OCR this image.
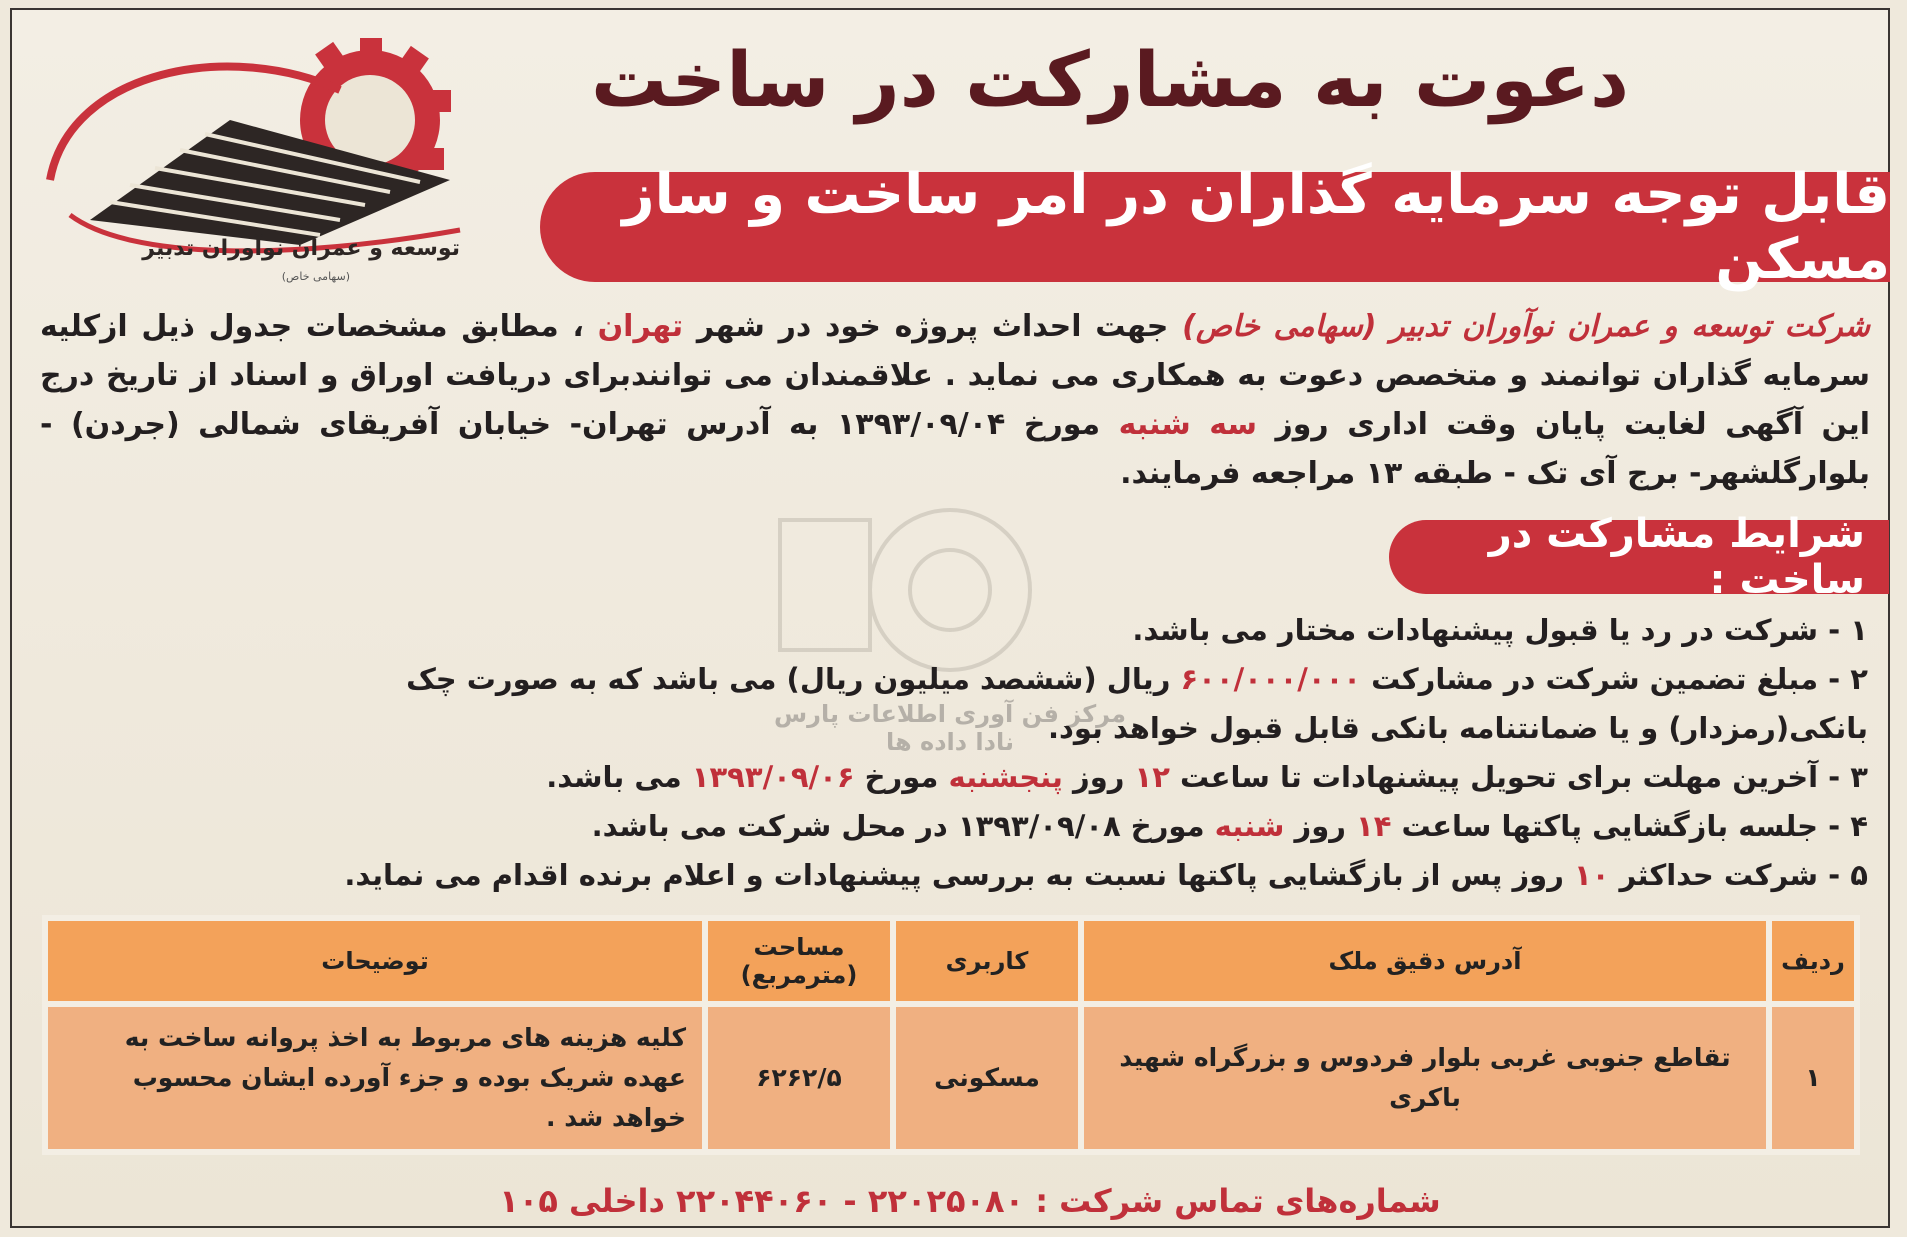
توسعه و عمران نوآوران تدبیر
(سهامی خاص)
دعوت به مشارکت در ساخت
قابل توجه سرمایه گذاران در امر ساخت و ساز مسکن
شرکت توسعه و عمران نوآوران تدبیر (سهامی خاص) جهت احداث پروژه خود در شهر تهران ، مطابق مشخصات جدول ذیل ازکلیه سرمایه گذاران توانمند و متخصص دعوت به همکاری می نماید . علاقمندان می توانندبرای دریافت اوراق و اسناد از تاریخ درج این آگهی لغایت پایان وقت اداری روز سه شنبه مورخ ۱۳۹۳/۰۹/۰۴ به آدرس تهران- خیابان آفریقای شمالی (جردن) - بلوارگلشهر- برج آی تک - طبقه ۱۳ مراجعه فرمایند.
مرکز فن آوری اطلاعات پارس نادا داده ها
شرایط مشارکت در ساخت :

۱ - شرکت در رد یا قبول پیشنهادات مختار می باشد.

۲ - مبلغ تضمین شرکت در مشارکت ۶۰۰/۰۰۰/۰۰۰ ریال (ششصد میلیون ریال) می باشد که به صورت چک بانکی(رمزدار) و یا ضمانتنامه بانکی قابل قبول خواهد بود.

۳ - آخرین مهلت برای تحویل پیشنهادات تا ساعت ۱۲ روز پنجشنبه مورخ ۱۳۹۳/۰۹/۰۶ می باشد.

۴ - جلسه بازگشایی پاکتها ساعت ۱۴ روز شنبه مورخ ۱۳۹۳/۰۹/۰۸ در محل شرکت می باشد.

۵ - شرکت حداکثر ۱۰ روز پس از بازگشایی پاکتها نسبت به بررسی پیشنهادات و اعلام برنده اقدام می نماید.

ردیف	آدرس دقیق ملک	کاربری	مساحت (مترمربع)	توضیحات
۱	تقاطع جنوبی غربی بلوار فردوس و بزرگراه شهید باکری	مسکونی	۶۲۶۲/۵	کلیه هزینه های مربوط به اخذ پروانه ساخت به عهده شریک بوده و جزء آورده ایشان محسوب خواهد شد .
شماره‌های تماس شرکت : ۲۲۰۲۵۰۸۰ - ۲۲۰۴۴۰۶۰ داخلی ۱۰۵
